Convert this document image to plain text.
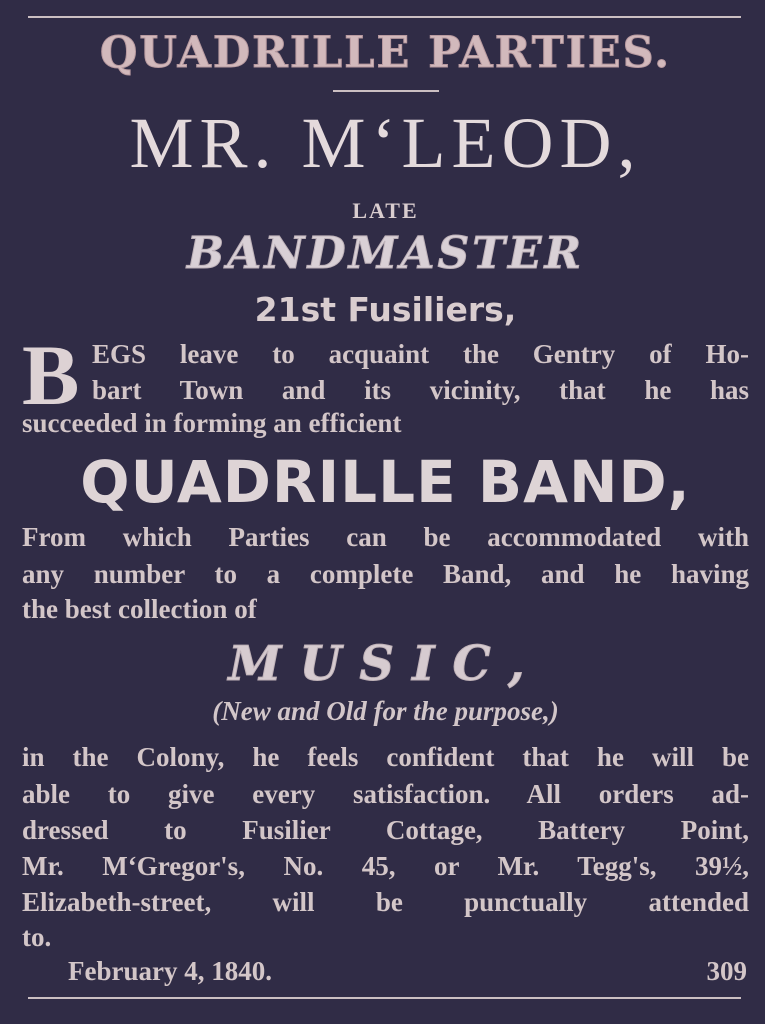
QUADRILLE PARTIES.
MR. M‘LEOD,
LATE
BANDMASTER
21st Fusiliers,
B EGS leave to acquaint the Gentry of Ho-
bart Town and its vicinity, that he has
succeeded in forming an efficient
QUADRILLE BAND,
From which Parties can be accommodated with
any number to a complete Band, and he having
the best collection of
MUSIC,
(New and Old for the purpose,)
in the Colony, he feels confident that he will be
able to give every satisfaction. All orders ad-
dressed to Fusilier Cottage, Battery Point,
Mr. M‘Gregor's, No. 45, or Mr. Tegg's, 39½,
Elizabeth-street, will be punctually attended
to.
February 4, 1840.	309
